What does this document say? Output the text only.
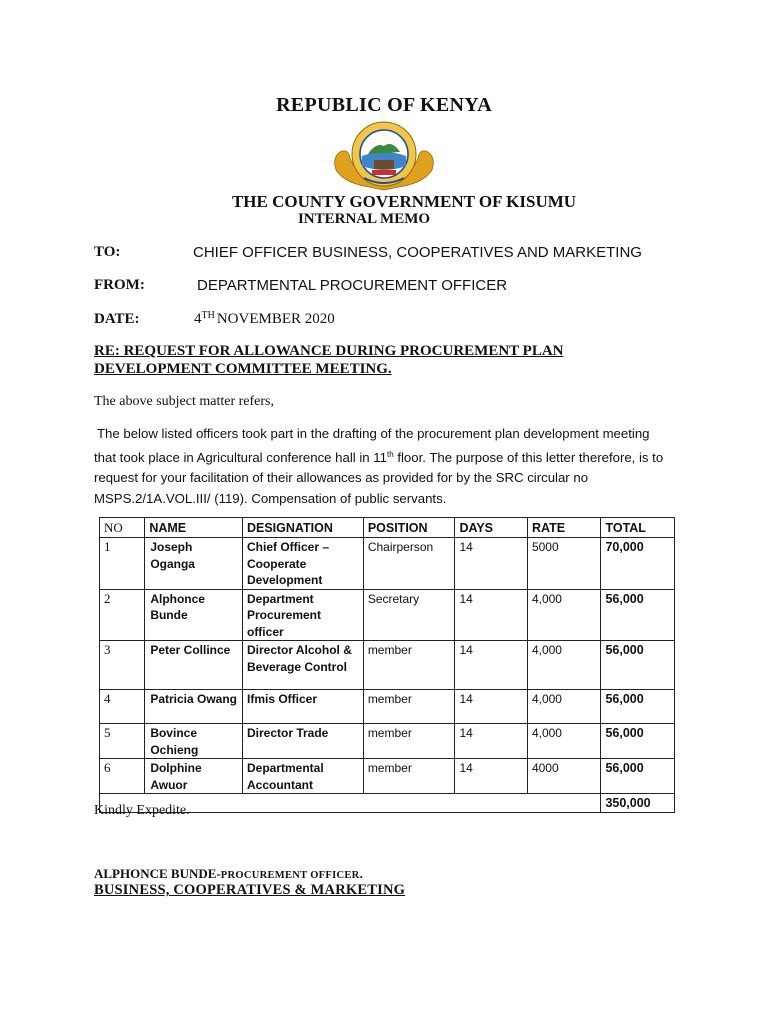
REPUBLIC OF KENYA
THE COUNTY GOVERNMENT OF KISUMU
INTERNAL MEMO
TO:	CHIEF OFFICER BUSINESS, COOPERATIVES AND MARKETING
FROM:	DEPARTMENTAL PROCUREMENT OFFICER
DATE:	4TH NOVEMBER 2020
RE: REQUEST FOR ALLOWANCE DURING PROCUREMENT PLAN DEVELOPMENT COMMITTEE MEETING.
The above subject matter refers,
The below listed officers took part in the drafting of the procurement plan development meeting that took place in Agricultural conference hall in 11th floor. The purpose of this letter therefore, is to request for your facilitation of their allowances as provided for by the SRC circular no MSPS.2/1A.VOL.III/ (119). Compensation of public servants.
NO	NAME	DESIGNATION	POSITION	DAYS	RATE	TOTAL
1	Joseph Oganga	Chief Officer – Cooperate Development	Chairperson	14	5000	70,000
2	Alphonce Bunde	Department Procurement officer	Secretary	14	4,000	56,000
3	Peter Collince	Director Alcohol & Beverage Control	member	14	4,000	56,000
4	Patricia Owang	Ifmis Officer	member	14	4,000	56,000
5	Bovince Ochieng	Director Trade	member	14	4,000	56,000
6	Dolphine Awuor	Departmental Accountant	member	14	4000	56,000
						350,000
Kindly Expedite.
ALPHONCE BUNDE-PROCUREMENT OFFICER.
BUSINESS, COOPERATIVES & MARKETING
